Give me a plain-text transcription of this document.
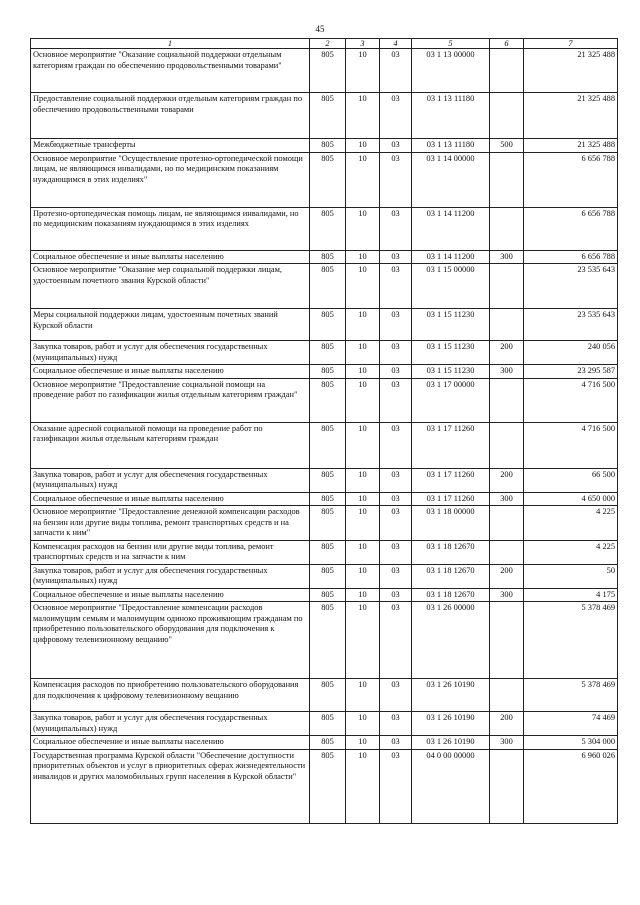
45
1	2	3	4	5	6	7
Основное мероприятие "Оказание социальной поддержки отдельным категориям граждан по обеспечению продовольственными товарами"	805	10	03	03 1 13 00000		21 325 488
Предоставление социальной поддержки отдельным категориям граждан по обеспечению продовольственными товарами	805	10	03	03 1 13 11180		21 325 488
Межбюджетные трансферты	805	10	03	03 1 13 11180	500	21 325 488
Основное мероприятие "Осуществление протезно-ортопедической помощи лицам, не являющимся инвалидами, но по медицинским показаниям нуждающимся в этих изделиях"	805	10	03	03 1 14 00000		6 656 788
Протезно-ортопедическая помощь лицам, не являющимся инвалидами, но по медицинским показаниям нуждающимся в этих изделиях	805	10	03	03 1 14 11200		6 656 788
Социальное обеспечение и иные выплаты населению	805	10	03	03 1 14 11200	300	6 656 788
Основное мероприятие "Оказание мер социальной поддержки лицам, удостоенным почетного звания Курской области"	805	10	03	03 1 15 00000		23 535 643
Меры социальной поддержки лицам, удостоенным почетных званий Курской области	805	10	03	03 1 15 11230		23 535 643
Закупка товаров, работ и услуг для обеспечения государственных (муниципальных) нужд	805	10	03	03 1 15 11230	200	240 056
Социальное обеспечение и иные выплаты населению	805	10	03	03 1 15 11230	300	23 295 587
Основное мероприятие "Предоставление социальной помощи на проведение работ по газификации жилья отдельным категориям граждан"	805	10	03	03 1 17 00000		4 716 500
Оказание адресной социальной помощи на проведение работ по газификации жилья отдельным категориям граждан	805	10	03	03 1 17 11260		4 716 500
Закупка товаров, работ и услуг для обеспечения государственных (муниципальных) нужд	805	10	03	03 1 17 11260	200	66 500
Социальное обеспечение и иные выплаты населению	805	10	03	03 1 17 11260	300	4 650 000
Основное мероприятие "Предоставление денежной компенсации расходов на бензин или другие виды топлива, ремонт транспортных средств и на запчасти к ним"	805	10	03	03 1 18 00000		4 225
Компенсация расходов на бензин или другие виды топлива, ремонт транспортных средств и на запчасти к ним	805	10	03	03 1 18 12670		4 225
Закупка товаров, работ и услуг для обеспечения государственных (муниципальных) нужд	805	10	03	03 1 18 12670	200	50
Социальное обеспечение и иные выплаты населению	805	10	03	03 1 18 12670	300	4 175
Основное мероприятие "Предоставление компенсации расходов малоимущим семьям и малоимущим одиноко проживающим гражданам по приобретению пользовательского оборудования для подключения к цифровому телевизионному вещанию"	805	10	03	03 1 26 00000		5 378 469
Компенсация расходов по приобретению пользовательского оборудования для подключения к цифровому телевизионному вещанию	805	10	03	03 1 26 10190		5 378 469
Закупка товаров, работ и услуг для обеспечения государственных (муниципальных) нужд	805	10	03	03 1 26 10190	200	74 469
Социальное обеспечение и иные выплаты населению	805	10	03	03 1 26 10190	300	5 304 000
Государственная программа Курской области "Обеспечение доступности приоритетных объектов и услуг в приоритетных сферах жизнедеятельности инвалидов и других маломобильных групп населения в Курской области"	805	10	03	04 0 00 00000		6 960 026
